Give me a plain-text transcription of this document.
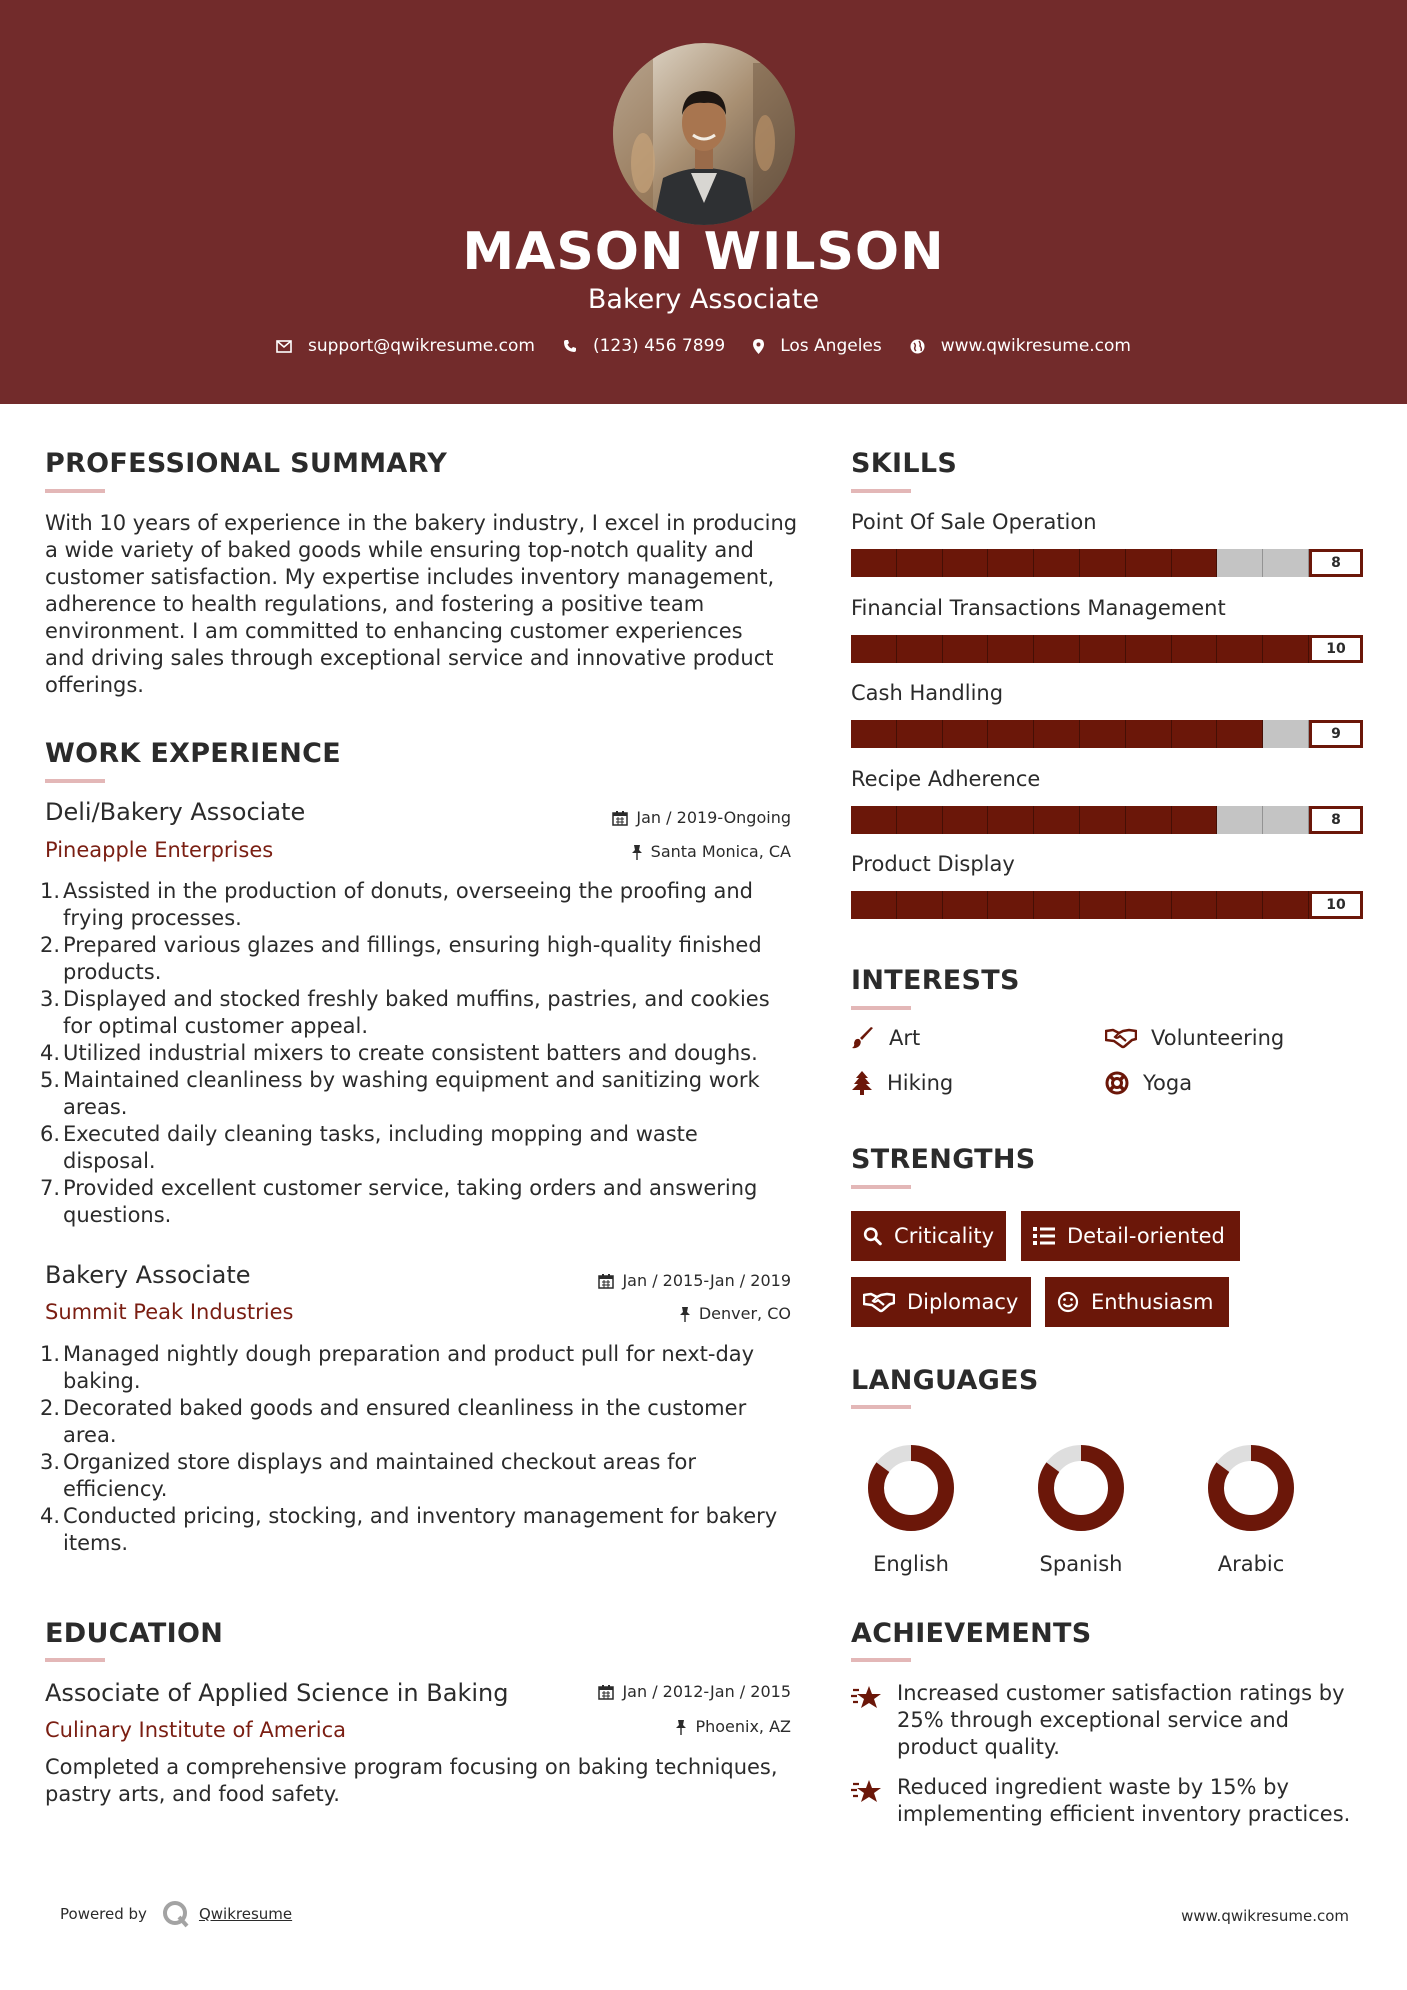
MASON WILSON
Bakery Associate
support@qwikresume.com	(123) 456 7899	Los Angeles	www.qwikresume.com
PROFESSIONAL SUMMARY
With 10 years of experience in the bakery industry, I excel in producing
a wide variety of baked goods while ensuring top-notch quality and
customer satisfaction. My expertise includes inventory management,
adherence to health regulations, and fostering a positive team
environment. I am committed to enhancing customer experiences
and driving sales through exceptional service and innovative product
offerings.
WORK EXPERIENCE
Deli/Bakery Associate
Pineapple Enterprises
Jan / 2019-Ongoing
Santa Monica, CA
1. Assisted in the production of donuts, overseeing the proofing and
frying processes.
2. Prepared various glazes and fillings, ensuring high-quality finished
products.
3. Displayed and stocked freshly baked muffins, pastries, and cookies
for optimal customer appeal.
4. Utilized industrial mixers to create consistent batters and doughs.
5. Maintained cleanliness by washing equipment and sanitizing work
areas.
6. Executed daily cleaning tasks, including mopping and waste
disposal.
7. Provided excellent customer service, taking orders and answering
questions.
Bakery Associate
Summit Peak Industries
Jan / 2015-Jan / 2019
Denver, CO
1. Managed nightly dough preparation and product pull for next-day
baking.
2. Decorated baked goods and ensured cleanliness in the customer
area.
3. Organized store displays and maintained checkout areas for
efficiency.
4. Conducted pricing, stocking, and inventory management for bakery
items.
EDUCATION
Associate of Applied Science in Baking
Culinary Institute of America
Jan / 2012-Jan / 2015
Phoenix, AZ
Completed a comprehensive program focusing on baking techniques,
pastry arts, and food safety.
SKILLS
Point Of Sale Operation
8
Financial Transactions Management
10
Cash Handling
9
Recipe Adherence
8
Product Display
10
INTERESTS
Art	Volunteering
Hiking	Yoga
STRENGTHS
Criticality	Detail-oriented
Diplomacy	Enthusiasm
LANGUAGES
English	Spanish	Arabic
ACHIEVEMENTS
Increased customer satisfaction ratings by
25% through exceptional service and
product quality.
Reduced ingredient waste by 15% by
implementing efficient inventory practices.
Powered by	Qwikresume	www.qwikresume.com
